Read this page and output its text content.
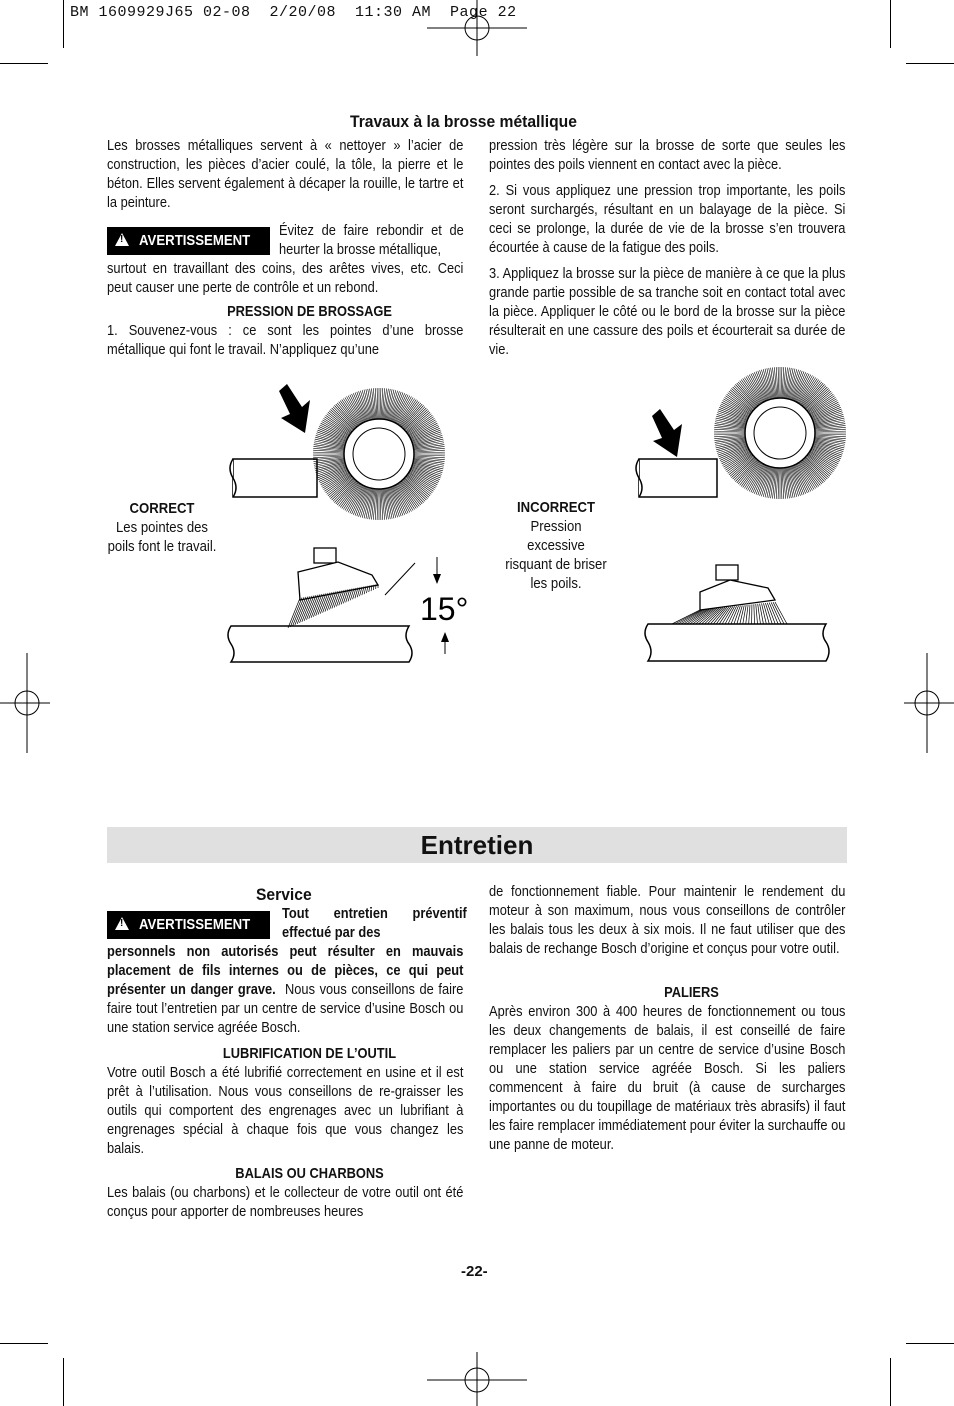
BM 1609929J65 02-08  2/20/08  11:30 AM  Page 22
Travaux à la brosse métallique

Les brosses métalliques servent à « nettoyer » l’acier de construction, les pièces d’acier coulé, la tôle, la pierre et le béton. Elles servent également à décaper la rouille, le tartre et la peinture.

!AVERTISSEMENT

Évitez de faire rebondir et de heurter la brosse métallique,

surtout en travaillant des coins, des arêtes vives, etc. Ceci peut causer une perte de contrôle et un rebond.

PRESSION DE BROSSAGE

1. Souvenez-vous : ce sont les pointes d’une brosse métallique qui font le travail. N’appliquez qu’une

pression très légère sur la brosse de sorte que seules les pointes des poils viennent en contact avec la pièce.

2. Si vous appliquez une pression trop importante, les poils seront surchargés, résultant en un balayage de la pièce. Si ceci se prolonge, la durée de vie de la brosse s’en trouvera écourtée à cause de la fatigue des poils.

3. Appliquez la brosse sur la pièce de manière à ce que la plus grande partie possible de sa tranche soit en contact total avec la pièce. Appliquer le côté ou le bord de la brosse sur la pièce résulterait en une cassure des poils et écourterait sa durée de vie.

15°
CORRECT
Les pointes des poils font le travail.
INCORRECT
Pression excessive risquant de briser les poils.
Entretien
Service
!AVERTISSEMENT

Tout entretien préventif effectué par des

personnels non autorisés peut résulter en mauvais placement de fils internes ou de pièces, ce qui peut présenter un danger grave. Nous vous conseillons de faire faire tout l’entretien par un centre de service d’usine Bosch ou une station service agréée Bosch.

LUBRIFICATION DE L’OUTIL

Votre outil Bosch a été lubrifié correctement en usine et il est prêt à l’utilisation. Nous vous conseillons de re-graisser les outils qui comportent des engrenages avec un lubrifiant à engrenages spécial à chaque fois que vous changez les balais.

BALAIS OU CHARBONS

Les balais (ou charbons) et le collecteur de votre outil ont été conçus pour apporter de nombreuses heures

de fonctionnement fiable. Pour maintenir le rendement du moteur à son maximum, nous vous conseillons de contrôler les balais tous les deux à six mois. Il ne faut utiliser que des balais de rechange Bosch d’origine et conçus pour votre outil.

PALIERS

Après environ 300 à 400 heures de fonctionnement ou tous les deux changements de balais, il est conseillé de faire remplacer les paliers par un centre de service d’usine Bosch ou une station service agréée Bosch. Si les paliers commencent à faire du bruit (à cause de surcharges importantes ou du toupillage de matériaux très abrasifs) il faut les faire remplacer immédiatement pour éviter la surchauffe ou une panne de moteur.

-22-
